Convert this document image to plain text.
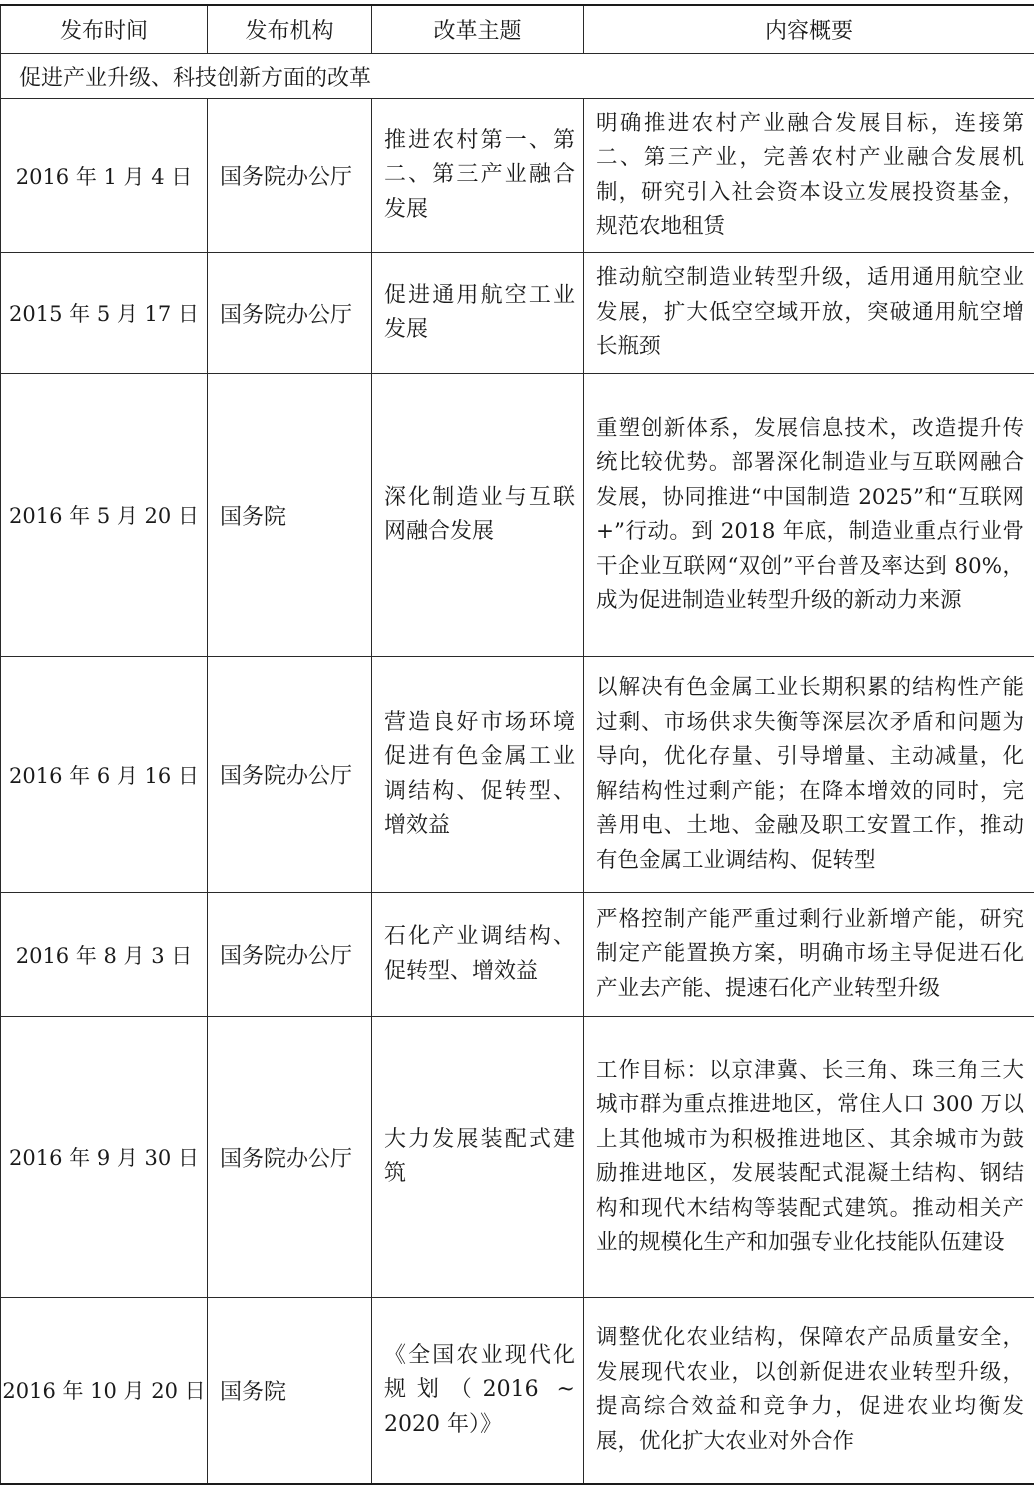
发布时间	发布机构	改革主题	内容概要
促进产业升级、科技创新方面的改革			
2016 年 1 月 4 日	国务院办公厅	推进农村第一、第二、第三产业融合发展	明确推进农村产业融合发展目标，连接第二、第三产业，完善农村产业融合发展机制，研究引入社会资本设立发展投资基金，规范农地租赁
2015 年 5 月 17 日	国务院办公厅	促进通用航空工业发展	推动航空制造业转型升级，适用通用航空业发展，扩大低空空域开放，突破通用航空增长瓶颈
2016 年 5 月 20 日	国务院	深化制造业与互联网融合发展	重塑创新体系，发展信息技术，改造提升传统比较优势。部署深化制造业与互联网融合发展，协同推进“中国制造 2025”和“互联网 +”行动。到 2018 年底，制造业重点行业骨干企业互联网“双创”平台普及率达到 80%，成为促进制造业转型升级的新动力来源
2016 年 6 月 16 日	国务院办公厅	营造良好市场环境促进有色金属工业调结构、促转型、增效益	以解决有色金属工业长期积累的结构性产能过剩、市场供求失衡等深层次矛盾和问题为导向，优化存量、引导增量、主动减量，化解结构性过剩产能；在降本增效的同时，完善用电、土地、金融及职工安置工作，推动有色金属工业调结构、促转型
2016 年 8 月 3 日	国务院办公厅	石化产业调结构、促转型、增效益	严格控制产能严重过剩行业新增产能，研究制定产能置换方案，明确市场主导促进石化产业去产能、提速石化产业转型升级
2016 年 9 月 30 日	国务院办公厅	大力发展装配式建筑	工作目标：以京津冀、长三角、珠三角三大城市群为重点推进地区，常住人口 300 万以上其他城市为积极推进地区、其余城市为鼓励推进地区，发展装配式混凝土结构、钢结构和现代木结构等装配式建筑。推动相关产业的规模化生产和加强专业化技能队伍建设
2016 年 10 月 20 日	国务院	《全国农业现代化规划（2016 ~ 2020 年）》	调整优化农业结构，保障农产品质量安全，发展现代农业，以创新促进农业转型升级，提高综合效益和竞争力，促进农业均衡发展，优化扩大农业对外合作
